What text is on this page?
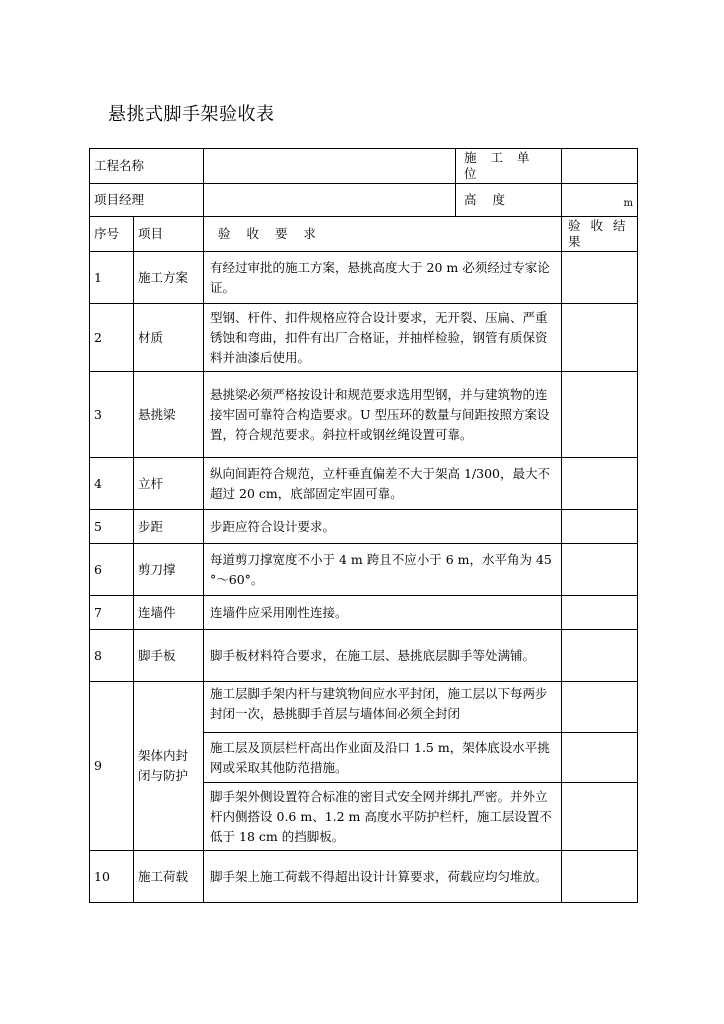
悬挑式脚手架验收表
工程名称			施 工 单 位	

项目经理			高 度	m
序号	项目	验 收 要 求		验 收 结 果

1	施工方案	有经过审批的施工方案，悬挑高度大于 20 m 必须经过专家论证。		
2	材质	型钢、杆件、扣件规格应符合设计要求，无开裂、压扁、严重锈蚀和弯曲，扣件有出厂合格证，并抽样检验，钢管有质保资料并油漆后使用。		
3	悬挑梁	悬挑梁必须严格按设计和规范要求选用型钢，并与建筑物的连接牢固可靠符合构造要求。U 型压环的数量与间距按照方案设置，符合规范要求。斜拉杆或钢丝绳设置可靠。		
4	立杆	纵向间距符合规范，立杆垂直偏差不大于架高 1/300，最大不超过 20 cm，底部固定牢固可靠。		
5	步距	步距应符合设计要求。		
6	剪刀撑	每道剪刀撑宽度不小于 4 m 跨且不应小于 6 m，水平角为 45 °～60°。		
7	连墙件	连墙件应采用刚性连接。		
8	脚手板	脚手板材料符合要求，在施工层、悬挑底层脚手等处满铺。		
9	架体内封闭与防护	施工层脚手架内杆与建筑物间应水平封闭，施工层以下每两步封闭一次，悬挑脚手首层与墙体间必须全封闭		

		施工层及顶层栏杆高出作业面及沿口 1.5 m，架体底设水平挑网或采取其他防范措施。		
		脚手架外侧设置符合标准的密目式安全网并绑扎严密。并外立杆内侧搭设 0.6 m、1.2 m 高度水平防护栏杆，施工层设置不低于 18 cm 的挡脚板。		
10	施工荷载	脚手架上施工荷载不得超出设计计算要求，荷载应均匀堆放。		
